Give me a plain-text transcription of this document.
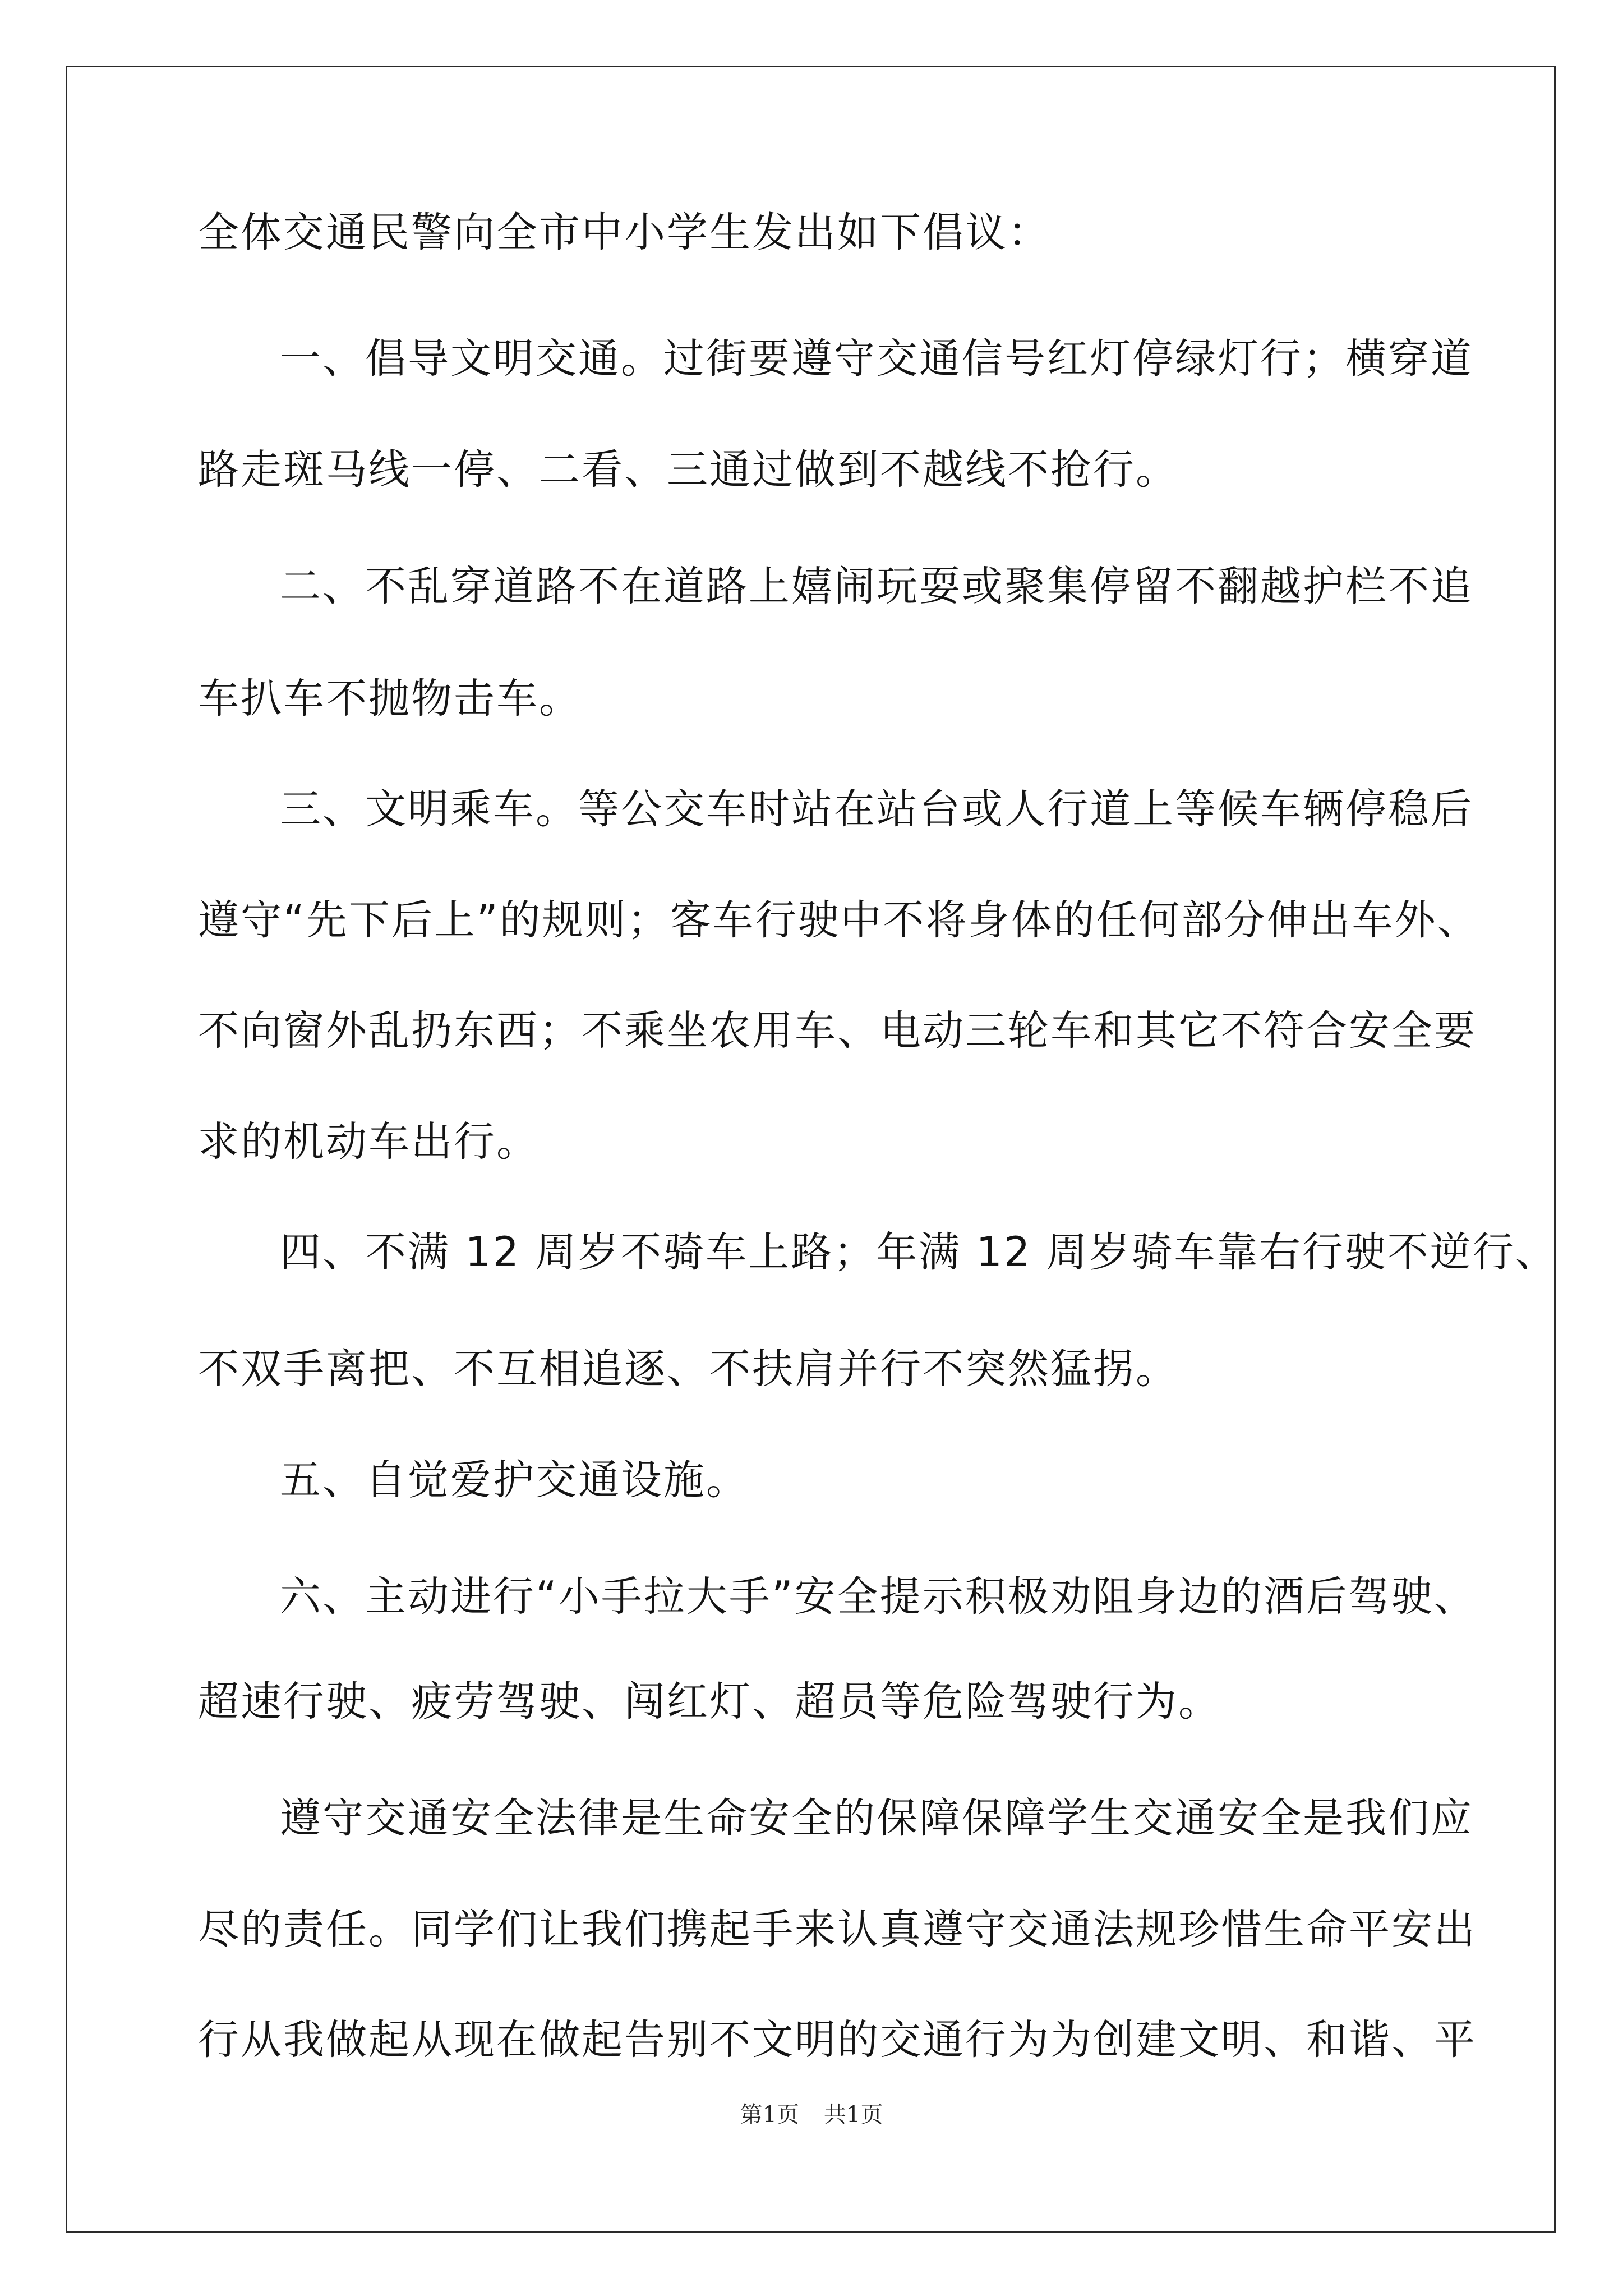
全体交通民警向全市中小学生发出如下倡议：
一、倡导文明交通。过街要遵守交通信号红灯停绿灯行；横穿道
路走斑马线一停、二看、三通过做到不越线不抢行。
二、不乱穿道路不在道路上嬉闹玩耍或聚集停留不翻越护栏不追
车扒车不抛物击车。
三、文明乘车。等公交车时站在站台或人行道上等候车辆停稳后
遵守“先下后上”的规则；客车行驶中不将身体的任何部分伸出车外、
不向窗外乱扔东西；不乘坐农用车、电动三轮车和其它不符合安全要
求的机动车出行。
四、不满 12 周岁不骑车上路；年满 12 周岁骑车靠右行驶不逆行、
不双手离把、不互相追逐、不扶肩并行不突然猛拐。
五、自觉爱护交通设施。
六、主动进行“小手拉大手”安全提示积极劝阻身边的酒后驾驶、
超速行驶、疲劳驾驶、闯红灯、超员等危险驾驶行为。
遵守交通安全法律是生命安全的保障保障学生交通安全是我们应
尽的责任。同学们让我们携起手来认真遵守交通法规珍惜生命平安出
行从我做起从现在做起告别不文明的交通行为为创建文明、和谐、平
第1页 共1页
